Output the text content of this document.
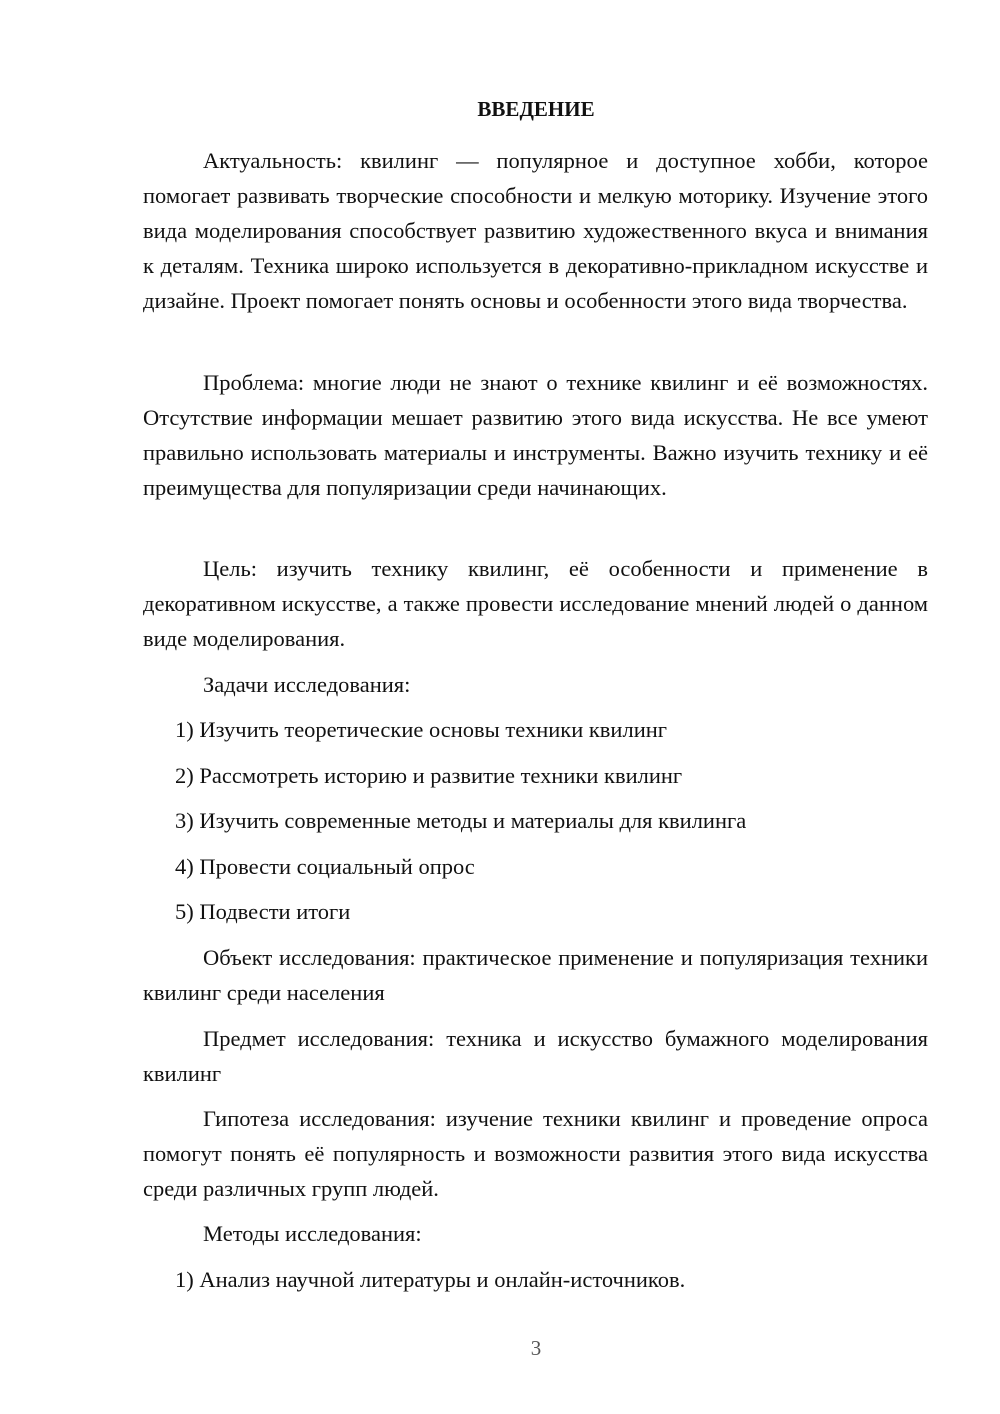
ВВЕДЕНИЕ

Актуальность: квилинг — популярное и доступное хобби, которое помогает развивать творческие способности и мелкую моторику. Изучение этого вида моделирования способствует развитию художественного вкуса и внимания к деталям. Техника широко используется в декоративно-прикладном искусстве и дизайне. Проект помогает понять основы и особенности этого вида творчества.

Проблема: многие люди не знают о технике квилинг и её возможностях. Отсутствие информации мешает развитию этого вида искусства. Не все умеют правильно использовать материалы и инструменты. Важно изучить технику и её преимущества для популяризации среди начинающих.

Цель: изучить технику квилинг, её особенности и применение в декоративном искусстве, а также провести исследование мнений людей о данном виде моделирования.

Задачи исследования:

1) Изучить теоретические основы техники квилинг

2) Рассмотреть историю и развитие техники квилинг

3) Изучить современные методы и материалы для квилинга

4) Провести социальный опрос

5) Подвести итоги

Объект исследования: практическое применение и популяризация техники квилинг среди населения

Предмет исследования: техника и искусство бумажного моделирования квилинг

Гипотеза исследования: изучение техники квилинг и проведение опроса помогут понять её популярность и возможности развития этого вида искусства среди различных групп людей.

Методы исследования:

1) Анализ научной литературы и онлайн-источников.

3
